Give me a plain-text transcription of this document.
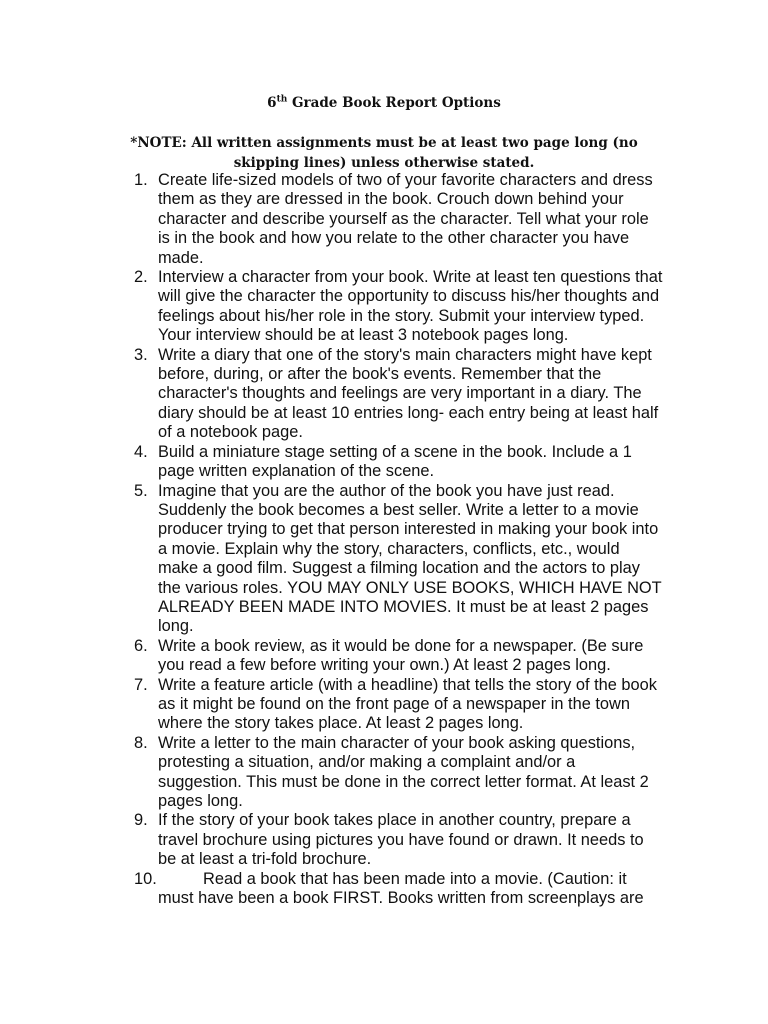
6th Grade Book Report Options
*NOTE: All written assignments must be at least two page long (no skipping lines) unless otherwise stated.
1. Create life-sized models of two of your favorite characters and dress them as they are dressed in the book. Crouch down behind your character and describe yourself as the character. Tell what your role is in the book and how you relate to the other character you have made.
2. Interview a character from your book. Write at least ten questions that will give the character the opportunity to discuss his/her thoughts and feelings about his/her role in the story. Submit your interview typed. Your interview should be at least 3 notebook pages long.
3. Write a diary that one of the story's main characters might have kept before, during, or after the book's events. Remember that the character's thoughts and feelings are very important in a diary. The diary should be at least 10 entries long- each entry being at least half of a notebook page.
4. Build a miniature stage setting of a scene in the book. Include a 1 page written explanation of the scene.
5. Imagine that you are the author of the book you have just read. Suddenly the book becomes a best seller. Write a letter to a movie producer trying to get that person interested in making your book into a movie. Explain why the story, characters, conflicts, etc., would make a good film. Suggest a filming location and the actors to play the various roles. YOU MAY ONLY USE BOOKS, WHICH HAVE NOT ALREADY BEEN MADE INTO MOVIES. It must be at least 2 pages long.
6. Write a book review, as it would be done for a newspaper. (Be sure you read a few before writing your own.) At least 2 pages long.
7. Write a feature article (with a headline) that tells the story of the book as it might be found on the front page of a newspaper in the town where the story takes place. At least 2 pages long.
8. Write a letter to the main character of your book asking questions, protesting a situation, and/or making a complaint and/or a suggestion. This must be done in the correct letter format. At least 2 pages long.
9. If the story of your book takes place in another country, prepare a travel brochure using pictures you have found or drawn. It needs to be at least a tri-fold brochure.
10.	Read a book that has been made into a movie. (Caution: it must have been a book FIRST. Books written from screenplays are
